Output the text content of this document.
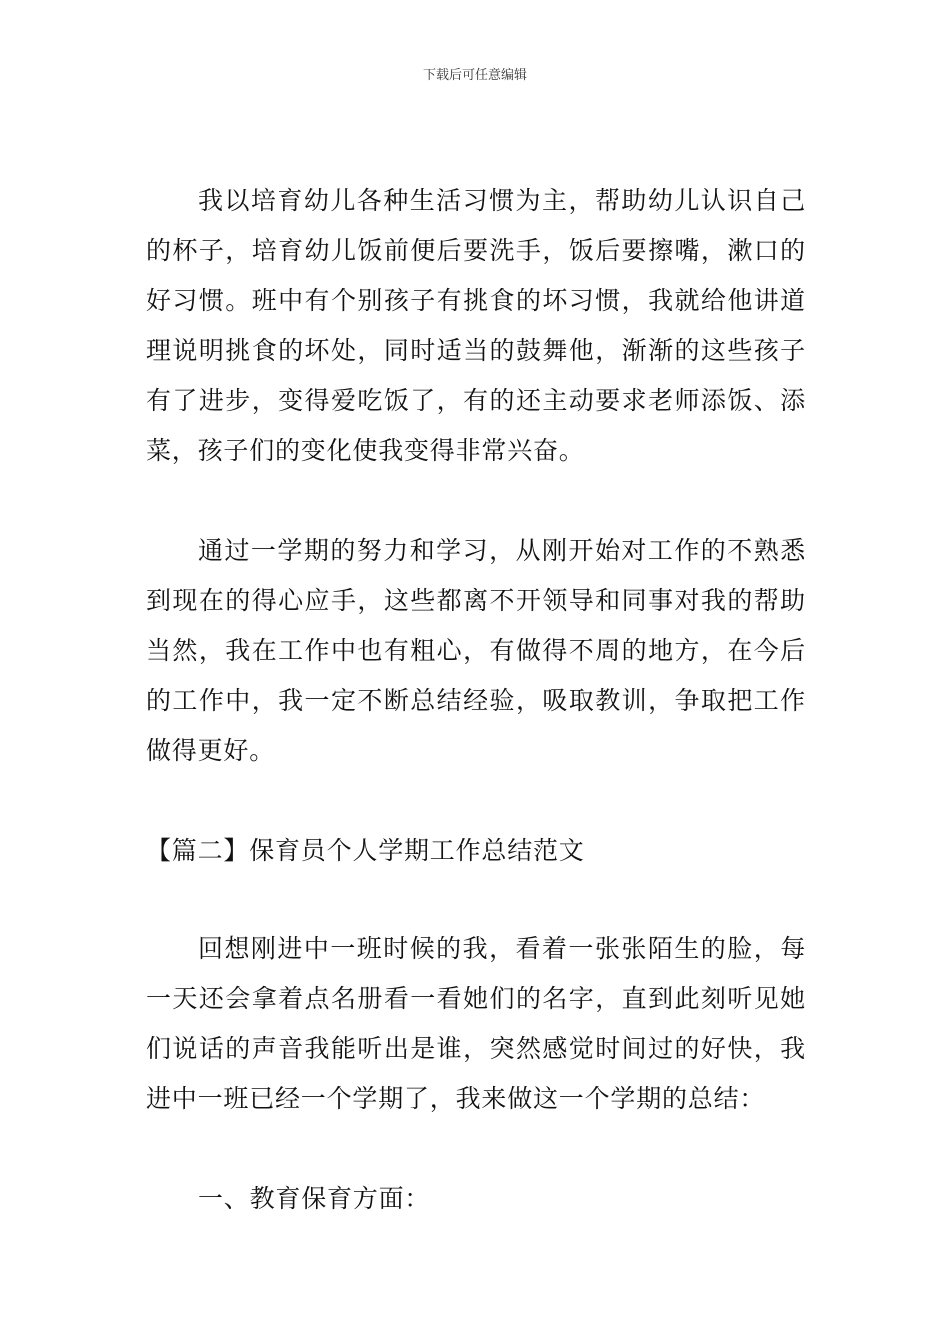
下载后可任意编辑

我以培育幼儿各种生活习惯为主，帮助幼儿认识自己的杯子，培育幼儿饭前便后要洗手，饭后要擦嘴，漱口的好习惯。班中有个别孩子有挑食的坏习惯，我就给他讲道理说明挑食的坏处，同时适当的鼓舞他，渐渐的这些孩子有了进步，变得爱吃饭了，有的还主动要求老师添饭、添菜，孩子们的变化使我变得非常兴奋。

通过一学期的努力和学习，从刚开始对工作的不熟悉到现在的得心应手，这些都离不开领导和同事对我的帮助当然，我在工作中也有粗心，有做得不周的地方，在今后的工作中，我一定不断总结经验，吸取教训，争取把工作做得更好。

【篇二】保育员个人学期工作总结范文

回想刚进中一班时候的我，看着一张张陌生的脸，每一天还会拿着点名册看一看她们的名字，直到此刻听见她们说话的声音我能听出是谁，突然感觉时间过的好快，我进中一班已经一个学期了，我来做这一个学期的总结：

一、教育保育方面：
